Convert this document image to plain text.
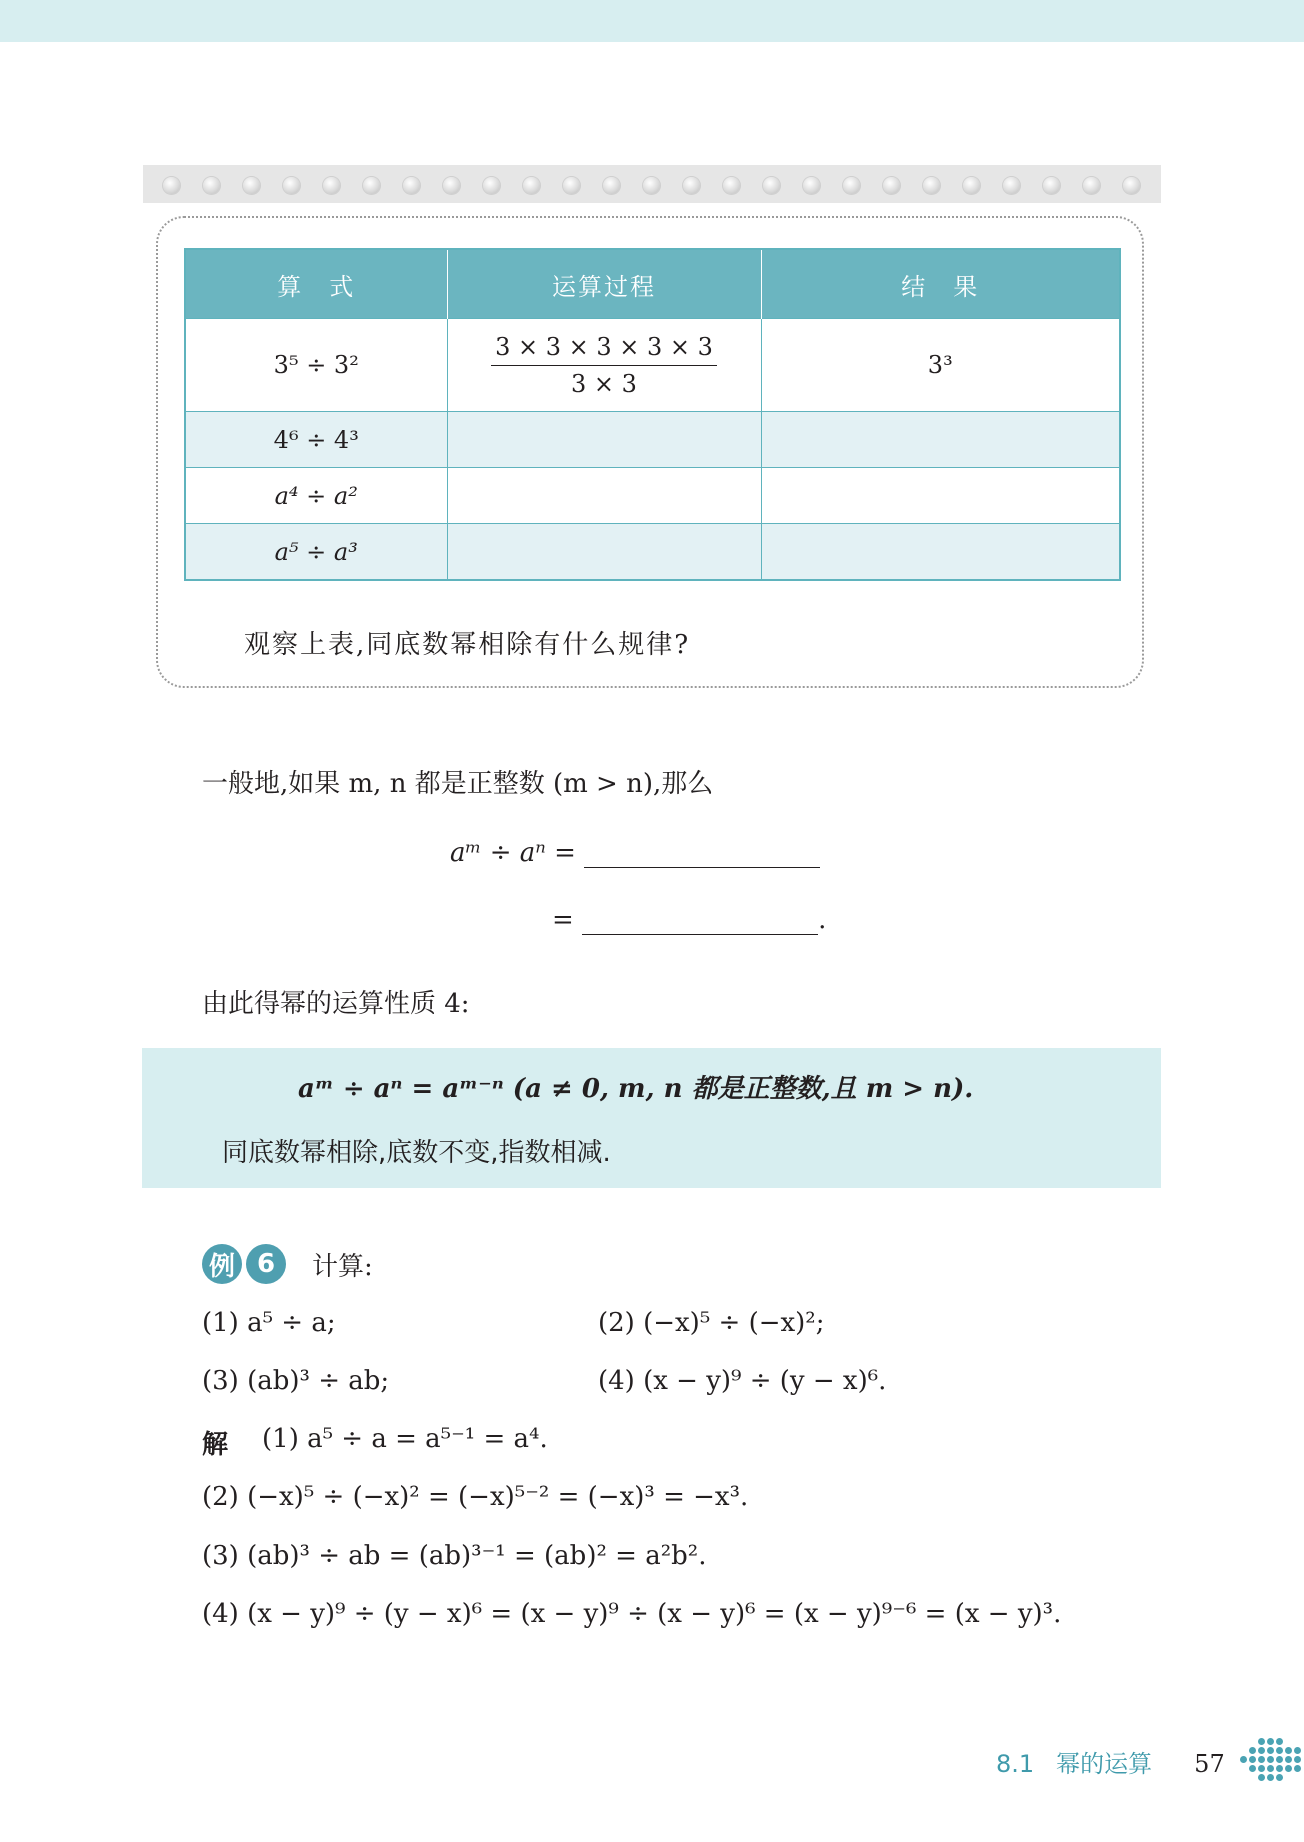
算　式	运算过程	结　果
3⁵ ÷ 3²	$\frac{3 \times 3 \times 3 \times 3 \times 3}{3 \times 3}$	3³
4⁶ ÷ 4³		
a⁴ ÷ a²		
a⁵ ÷ a³		
观察上表,同底数幂相除有什么规律?
一般地,如果 m, n 都是正整数 (m > n),那么
aᵐ ÷ aⁿ =
=	.
由此得幂的运算性质 4:
aᵐ ÷ aⁿ = aᵐ⁻ⁿ (a ≠ 0, m, n 都是正整数,且 m > n).
同底数幂相除,底数不变,指数相减.
例 6	计算:
(1) a⁵ ÷ a;	(2) (−x)⁵ ÷ (−x)²;
(3) (ab)³ ÷ ab;	(4) (x − y)⁹ ÷ (y − x)⁶.
解 (1) a⁵ ÷ a = a⁵⁻¹ = a⁴.
(2) (−x)⁵ ÷ (−x)² = (−x)⁵⁻² = (−x)³ = −x³.
(3) (ab)³ ÷ ab = (ab)³⁻¹ = (ab)² = a²b².
(4) (x − y)⁹ ÷ (y − x)⁶ = (x − y)⁹ ÷ (x − y)⁶ = (x − y)⁹⁻⁶ = (x − y)³.
8.1 幂的运算 57
